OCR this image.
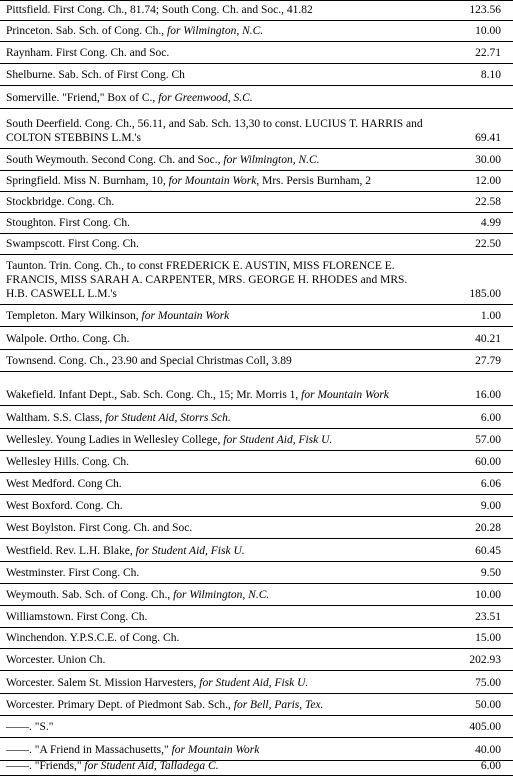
Pittsfield. First Cong. Ch., 81.74; South Cong. Ch. and Soc., 41.82	123.56
Princeton. Sab. Sch. of Cong. Ch., for Wilmington, N.C.	10.00
Raynham. First Cong. Ch. and Soc.	22.71
Shelburne. Sab. Sch. of First Cong. Ch	8.10
Somerville. "Friend," Box of C., for Greenwood, S.C.
South Deerfield. Cong. Ch., 56.11, and Sab. Sch. 13,30 to const. LUCIUS T. HARRIS and COLTON STEBBINS L.M.'s	69.41
South Weymouth. Second Cong. Ch. and Soc., for Wilmington, N.C.	30.00
Springfield. Miss N. Burnham, 10, for Mountain Work, Mrs. Persis Burnham, 2	12.00
Stockbridge. Cong. Ch.	22.58
Stoughton. First Cong. Ch.	4.99
Swampscott. First Cong. Ch.	22.50
Taunton. Trin. Cong. Ch., to const FREDERICK E. AUSTIN, MISS FLORENCE E. FRANCIS, MISS SARAH A. CARPENTER, MRS. GEORGE H. RHODES and MRS. H.B. CASWELL L.M.'s	185.00
Templeton. Mary Wilkinson, for Mountain Work	1.00
Walpole. Ortho. Cong. Ch.	40.21
Townsend. Cong. Ch., 23.90 and Special Christmas Coll, 3.89	27.79
Wakefield. Infant Dept., Sab. Sch. Cong. Ch., 15; Mr. Morris 1, for Mountain Work	16.00
Waltham. S.S. Class, for Student Aid, Storrs Sch.	6.00
Wellesley. Young Ladies in Wellesley College, for Student Aid, Fisk U.	57.00
Wellesley Hills. Cong. Ch.	60.00
West Medford. Cong Ch.	6.06
West Boxford. Cong. Ch.	9.00
West Boylston. First Cong. Ch. and Soc.	20.28
Westfield. Rev. L.H. Blake, for Student Aid, Fisk U.	60.45
Westminster. First Cong. Ch.	9.50
Weymouth. Sab. Sch. of Cong. Ch., for Wilmington, N.C.	10.00
Williamstown. First Cong. Ch.	23.51
Winchendon. Y.P.S.C.E. of Cong. Ch.	15.00
Worcester. Union Ch.	202.93
Worcester. Salem St. Mission Harvesters, for Student Aid, Fisk U.	75.00
Worcester. Primary Dept. of Piedmont Sab. Sch., for Bell, Paris, Tex.	50.00
——. "S."	405.00
——. "A Friend in Massachusetts," for Mountain Work	40.00
——. "Friends," for Student Aid, Talladega C.	6.00
